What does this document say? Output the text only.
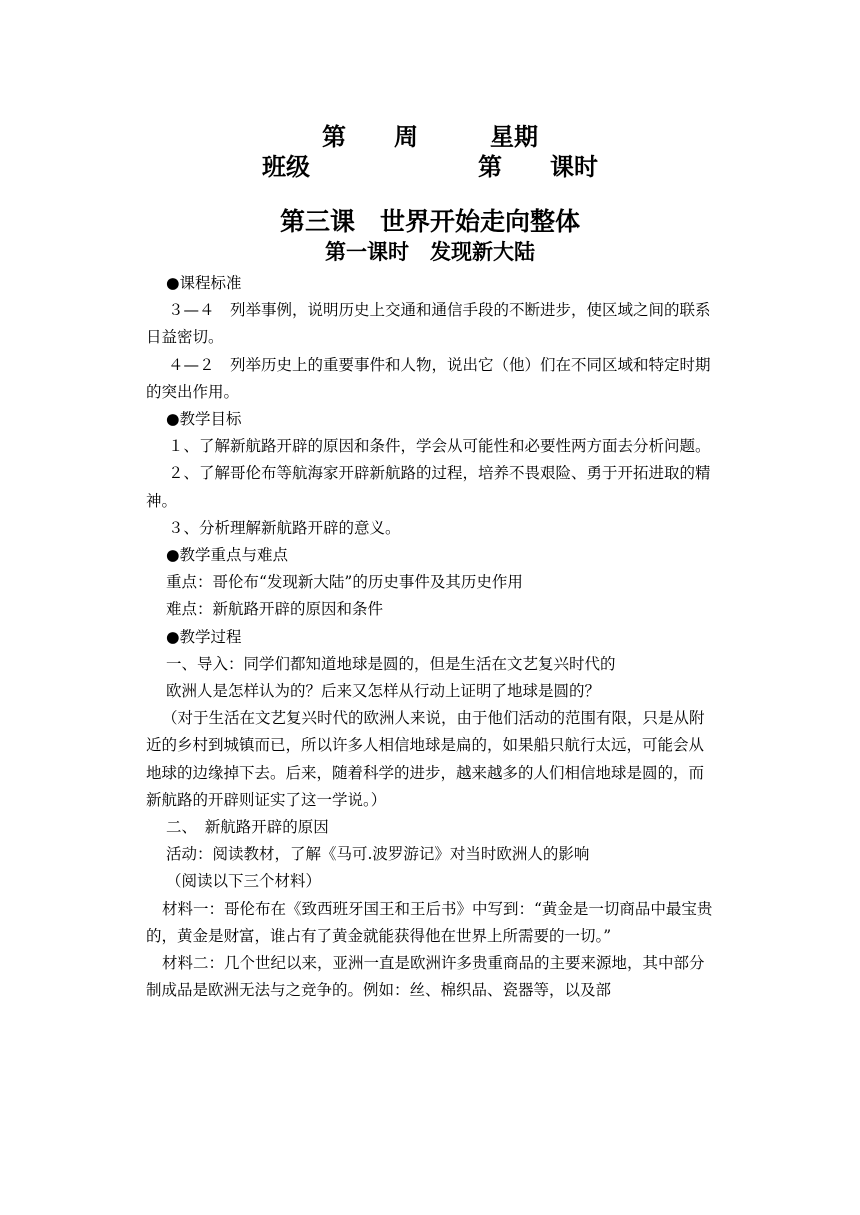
第　　周　　　星期
班级　　　　　　　第　　课时
第三课　世界开始走向整体
第一课时　发现新大陆

● 课程标准

３—４　列举事例，说明历史上交通和通信手段的不断进步，使区域之间的联系日益密切。

４—２　列举历史上的重要事件和人物，说出它（他）们在不同区域和特定时期的突出作用。

● 教学目标

１、了解新航路开辟的原因和条件，学会从可能性和必要性两方面去分析问题。

２、了解哥伦布等航海家开辟新航路的过程，培养不畏艰险、勇于开拓进取的精神。

３、分析理解新航路开辟的意义。

● 教学重点与难点

重点：哥伦布“发现新大陆”的历史事件及其历史作用

难点：新航路开辟的原因和条件

● 教学过程

一、导入：同学们都知道地球是圆的，但是生活在文艺复兴时代的

欧洲人是怎样认为的？后来又怎样从行动上证明了地球是圆的？

（对于生活在文艺复兴时代的欧洲人来说，由于他们活动的范围有限，只是从附近的乡村到城镇而已，所以许多人相信地球是扁的，如果船只航行太远，可能会从地球的边缘掉下去。后来，随着科学的进步，越来越多的人们相信地球是圆的，而新航路的开辟则证实了这一学说。）

二、　新航路开辟的原因

活动：阅读教材，了解《马可.波罗游记》对当时欧洲人的影响

（阅读以下三个材料）

材料一：哥伦布在《致西班牙国王和王后书》中写到：“黄金是一切商品中最宝贵的，黄金是财富，谁占有了黄金就能获得他在世界上所需要的一切。”

材料二：几个世纪以来，亚洲一直是欧洲许多贵重商品的主要来源地，其中部分制成品是欧洲无法与之竞争的。例如：丝、棉织品、瓷器等，以及部
